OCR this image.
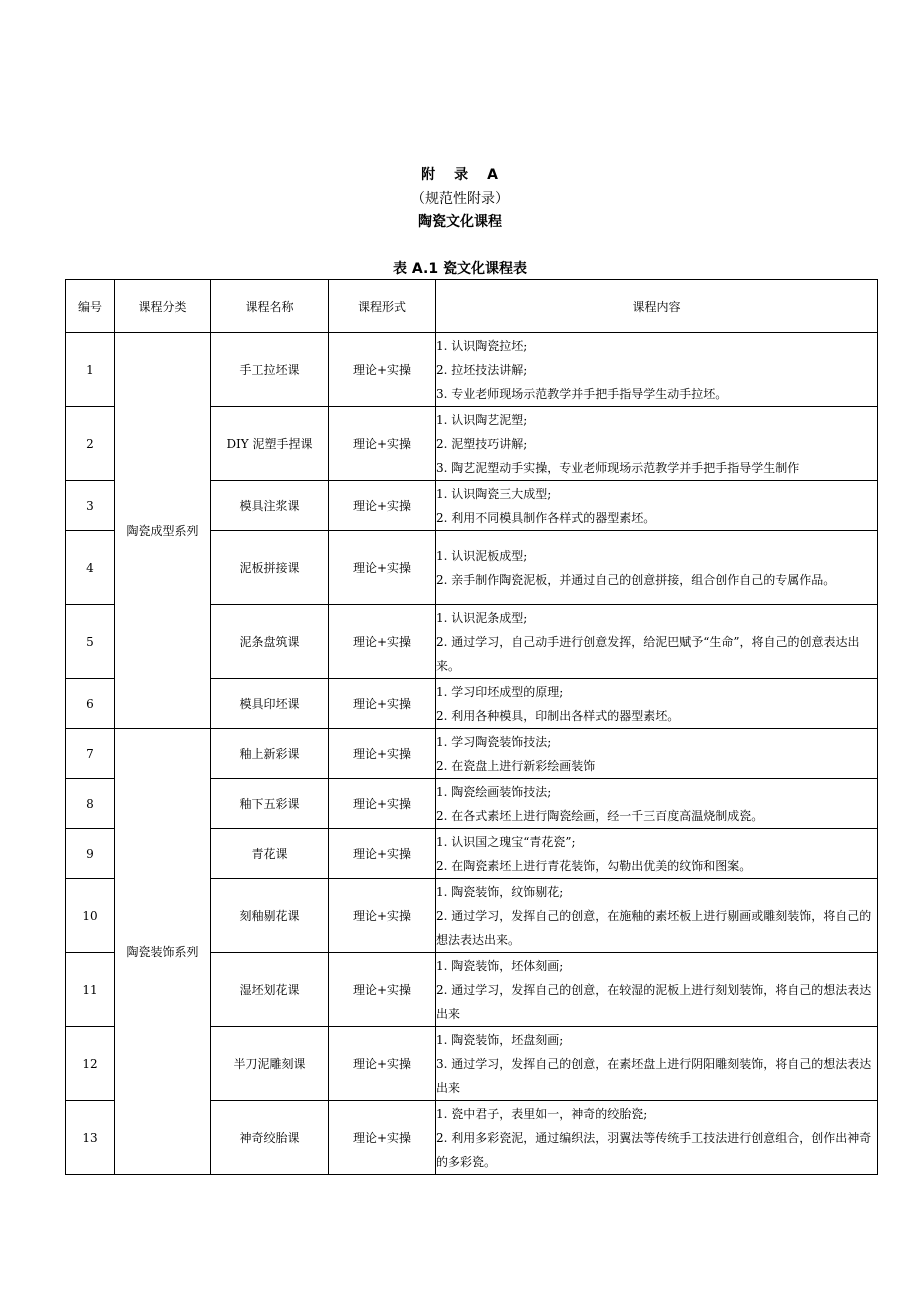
附 录 A
（规范性附录）
陶瓷文化课程
表 A.1 瓷文化课程表
编号	课程分类	课程名称	课程形式	课程内容
1	陶瓷成型系列	手工拉坯课	理论+实操	1. 认识陶瓷拉坯;
2. 拉坯技法讲解;
3. 专业老师现场示范教学并手把手指导学生动手拉坯。

2		DIY 泥塑手捏课	理论+实操	1. 认识陶艺泥塑;
2. 泥塑技巧讲解;
3. 陶艺泥塑动手实操，专业老师现场示范教学并手把手指导学生制作

3		模具注浆课	理论+实操	1. 认识陶瓷三大成型;
2. 利用不同模具制作各样式的器型素坯。

4		泥板拼接课	理论+实操	1. 认识泥板成型;
2. 亲手制作陶瓷泥板，并通过自己的创意拼接，组合创作自己的专属作品。

5		泥条盘筑课	理论+实操	1. 认识泥条成型;
2. 通过学习，自己动手进行创意发挥，给泥巴赋予“生命”，将自己的创意表达出来。

6		模具印坯课	理论+实操	1. 学习印坯成型的原理;
2. 利用各种模具，印制出各样式的器型素坯。

7	陶瓷装饰系列	釉上新彩课	理论+实操	1. 学习陶瓷装饰技法;
2. 在瓷盘上进行新彩绘画装饰

8		釉下五彩课	理论+实操	1. 陶瓷绘画装饰技法;
2. 在各式素坯上进行陶瓷绘画，经一千三百度高温烧制成瓷。

9		青花课	理论+实操	1. 认识国之瑰宝“青花瓷”;
2. 在陶瓷素坯上进行青花装饰，勾勒出优美的纹饰和图案。

10		刻釉剔花课	理论+实操	1. 陶瓷装饰，纹饰剔花;
2. 通过学习，发挥自己的创意，在施釉的素坯板上进行剔画或雕刻装饰，将自己的想法表达出来。

11		湿坯划花课	理论+实操	1. 陶瓷装饰，坯体刻画;
2. 通过学习，发挥自己的创意，在较湿的泥板上进行刻划装饰，将自己的想法表达出来

12		半刀泥雕刻课	理论+实操	1. 陶瓷装饰，坯盘刻画;
3. 通过学习，发挥自己的创意，在素坯盘上进行阴阳雕刻装饰，将自己的想法表达出来

13		神奇绞胎课	理论+实操	1. 瓷中君子，表里如一，神奇的绞胎瓷;
2. 利用多彩瓷泥，通过编织法，羽翼法等传统手工技法进行创意组合，创作出神奇的多彩瓷。
